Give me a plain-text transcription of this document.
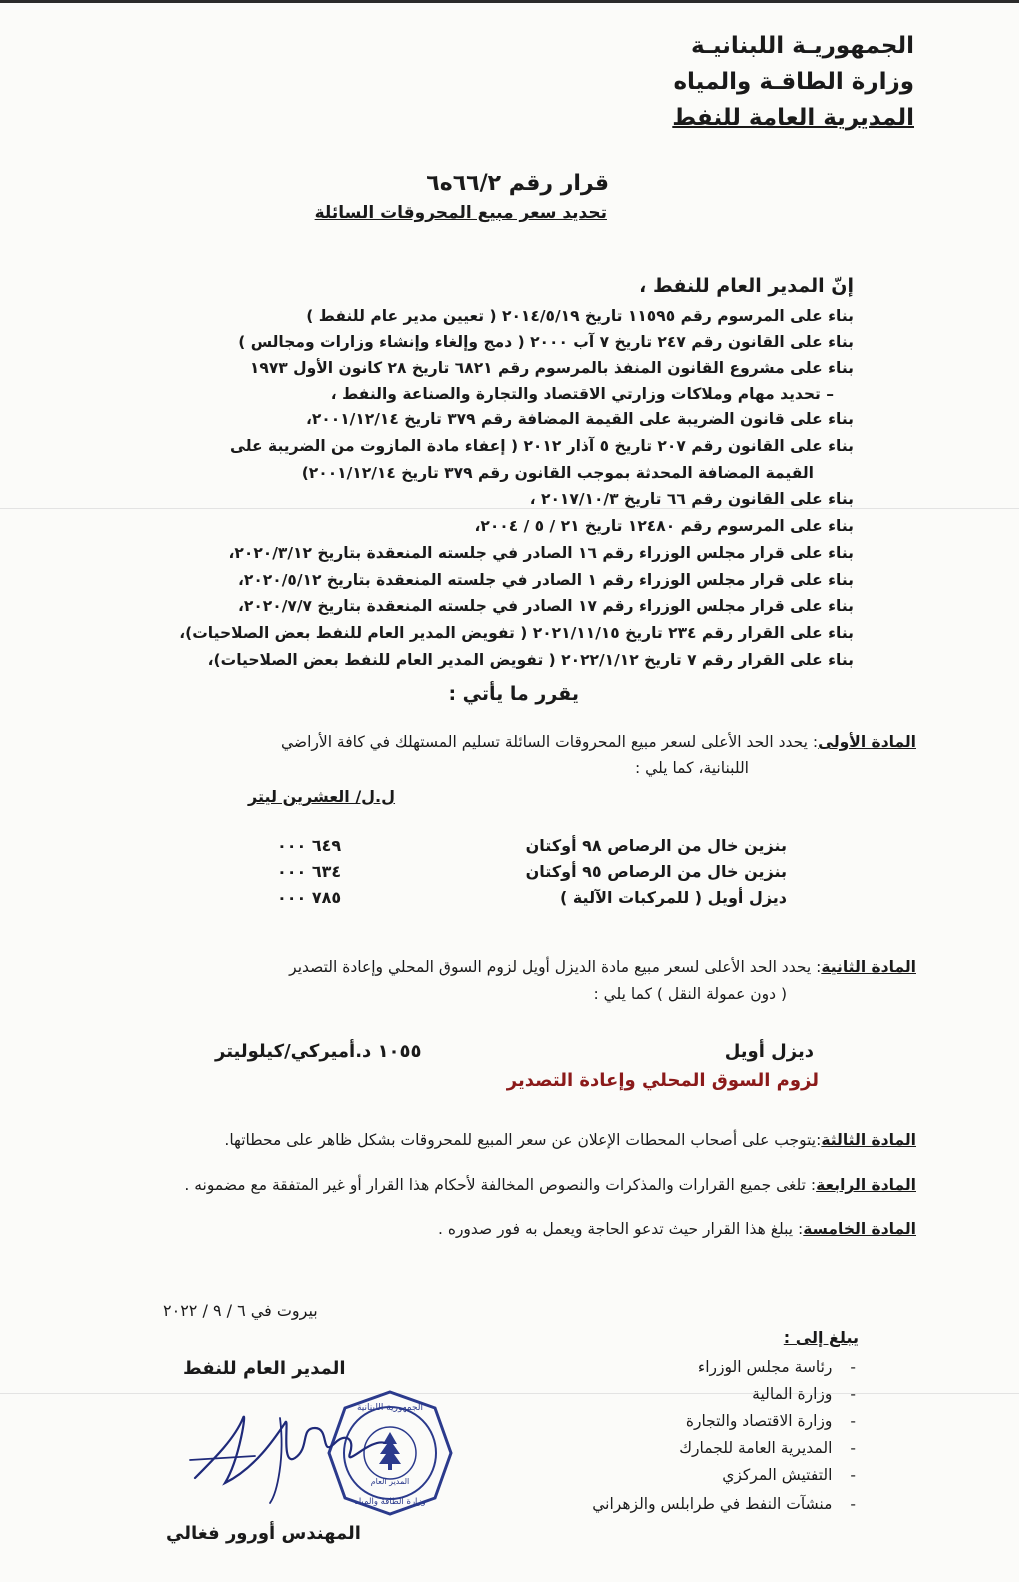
الجمهوريـة اللبنانيـة
وزارة الطاقـة والمياه
المديرية العامة للنفط
قرار رقم ٦٦/٢ه٦
تحديد سعر مبيع المحروقات السائلة
إنّ المدير العام للنفط ،
بناء على المرسوم رقم ١١٥٩٥ تاريخ ٢٠١٤/٥/١٩ ( تعيين مدير عام للنفط )
بناء على القانون رقم ٢٤٧ تاريخ ٧ آب ٢٠٠٠ ( دمج وإلغاء وإنشاء وزارات ومجالس )
بناء على مشروع القانون المنفذ بالمرسوم رقم ٦٨٢١ تاريخ ٢٨ كانون الأول ١٩٧٣
– تحديد مهام وملاكات وزارتي الاقتصاد والتجارة والصناعة والنفط ،
بناء على قانون الضريبة على القيمة المضافة رقم ٣٧٩ تاريخ ٢٠٠١/١٢/١٤،
بناء على القانون رقم ٢٠٧ تاريخ ٥ آذار ٢٠١٢ ( إعفاء مادة المازوت من الضريبة على
القيمة المضافة المحدثة بموجب القانون رقم ٣٧٩ تاريخ ٢٠٠١/١٢/١٤)
بناء على القانون رقم ٦٦ تاريخ ٢٠١٧/١٠/٣ ،
بناء على المرسوم رقم ١٢٤٨٠ تاريخ ٢١ / ٥ / ٢٠٠٤،
بناء على قرار مجلس الوزراء رقم ١٦ الصادر في جلسته المنعقدة بتاريخ ٢٠٢٠/٣/١٢،
بناء على قرار مجلس الوزراء رقم ١ الصادر في جلسته المنعقدة بتاريخ ٢٠٢٠/٥/١٢،
بناء على قرار مجلس الوزراء رقم ١٧ الصادر في جلسته المنعقدة بتاريخ ٢٠٢٠/٧/٧،
بناء على القرار رقم ٢٣٤ تاريخ ٢٠٢١/١١/١٥ ( تفويض المدير العام للنفط بعض الصلاحيات)،
بناء على القرار رقم ٧ تاريخ ٢٠٢٢/١/١٢ ( تفويض المدير العام للنفط بعض الصلاحيات)،
يقرر ما يأتي :
المادة الأولى: يحدد الحد الأعلى لسعر مبيع المحروقات السائلة تسليم المستهلك في كافة الأراضي
اللبنانية، كما يلي :
ل.ل/ العشرين ليتر
بنزين خال من الرصاص ٩٨ أوكتان
٦٤٩ ٠٠٠
بنزين خال من الرصاص ٩٥ أوكتان
٦٣٤ ٠٠٠
ديزل أويل ( للمركبات الآلية )
٧٨٥ ٠٠٠
المادة الثانية: يحدد الحد الأعلى لسعر مبيع مادة الديزل أويل لزوم السوق المحلي وإعادة التصدير
( دون عمولة النقل ) كما يلي :
ديزل أويل
١٠٥٥ د.أميركي/كيلوليتر
لزوم السوق المحلي وإعادة التصدير
المادة الثالثة:يتوجب على أصحاب المحطات الإعلان عن سعر المبيع للمحروقات بشكل ظاهر على محطاتها.
المادة الرابعة: تلغى جميع القرارات والمذكرات والنصوص المخالفة لأحكام هذا القرار أو غير المتفقة مع مضمونه .
المادة الخامسة: يبلغ هذا القرار حيث تدعو الحاجة ويعمل به فور صدوره .
بيروت في ٦ / ٩ / ٢٠٢٢
يبلغ إلى :
-رئاسة مجلس الوزراء
-وزارة المالية
-وزارة الاقتصاد والتجارة
-المديرية العامة للجمارك
-التفتيش المركزي
-منشآت النفط في طرابلس والزهراني
المدير العام للنفط
الجمهورية اللبنانية
المدير العام
وزارة الطاقة والمياه
المهندس أورور فغالي
